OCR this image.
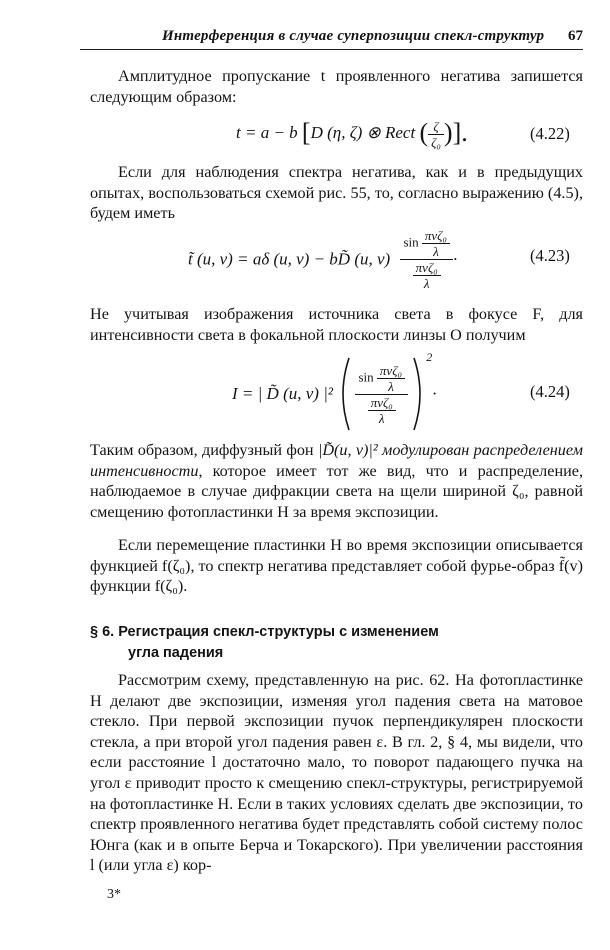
Интерференция в случае суперпозиции спекл-структур 67
Амплитудное пропускание t проявленного негатива запишется следующим образом:
t = a − b [D (η, ζ) ⊗ Rect ( $\frac{\zeta}{\text{ζ₀}}$ )].	(4.22)
Если для наблюдения спектра негатива, как и в предыдущих опытах, воспользоваться схемой рис. 55, то, согласно выражению (4.5), будем иметь
t̃ (u, v) = aδ (u, v) − bD̃ (u, $v) \frac{\sin \frac{\text{πvζ₀}}{\lambda}}{\frac{\text{πvζ₀}}{\lambda}}$ ·	(4.23)
Не учитывая изображения источника света в фокусе F, для интенсивности света в фокальной плоскости линзы O получим
I = | D̃ (u, v) $|^2 \frac{\sin \frac{\text{πvζ₀}}{\lambda}}{\frac{\text{πvζ₀}}{\lambda}}$
$^2$·	(4.24)
Таким образом, диффузный фон |D̃(u, v)|² модулирован распределением интенсивности, которое имеет тот же вид, что и распределение, наблюдаемое в случае дифракции света на щели шириной ζ₀, равной смещению фотопластинки H за время экспозиции.
Если перемещение пластинки H во время экспозиции описывается функцией f(ζ₀), то спектр негатива представляет собой фурье-образ f̃(v) функции f(ζ₀).
§ 6. Регистрация спекл-структуры с изменением
угла падения
Рассмотрим схему, представленную на рис. 62. На фотопластинке H делают две экспозиции, изменяя угол падения света на матовое стекло. При первой экспозиции пучок перпендикулярен плоскости стекла, а при второй угол падения равен ε. В гл. 2, § 4, мы видели, что если расстояние l достаточно мало, то поворот падающего пучка на угол ε приводит просто к смещению спекл-структуры, регистрируемой на фотопластинке H. Если в таких условиях сделать две экспозиции, то спектр проявленного негатива будет представлять собой систему полос Юнга (как и в опыте Берча и Токарского). При увеличении расстояния l (или угла ε) кор-
3*
